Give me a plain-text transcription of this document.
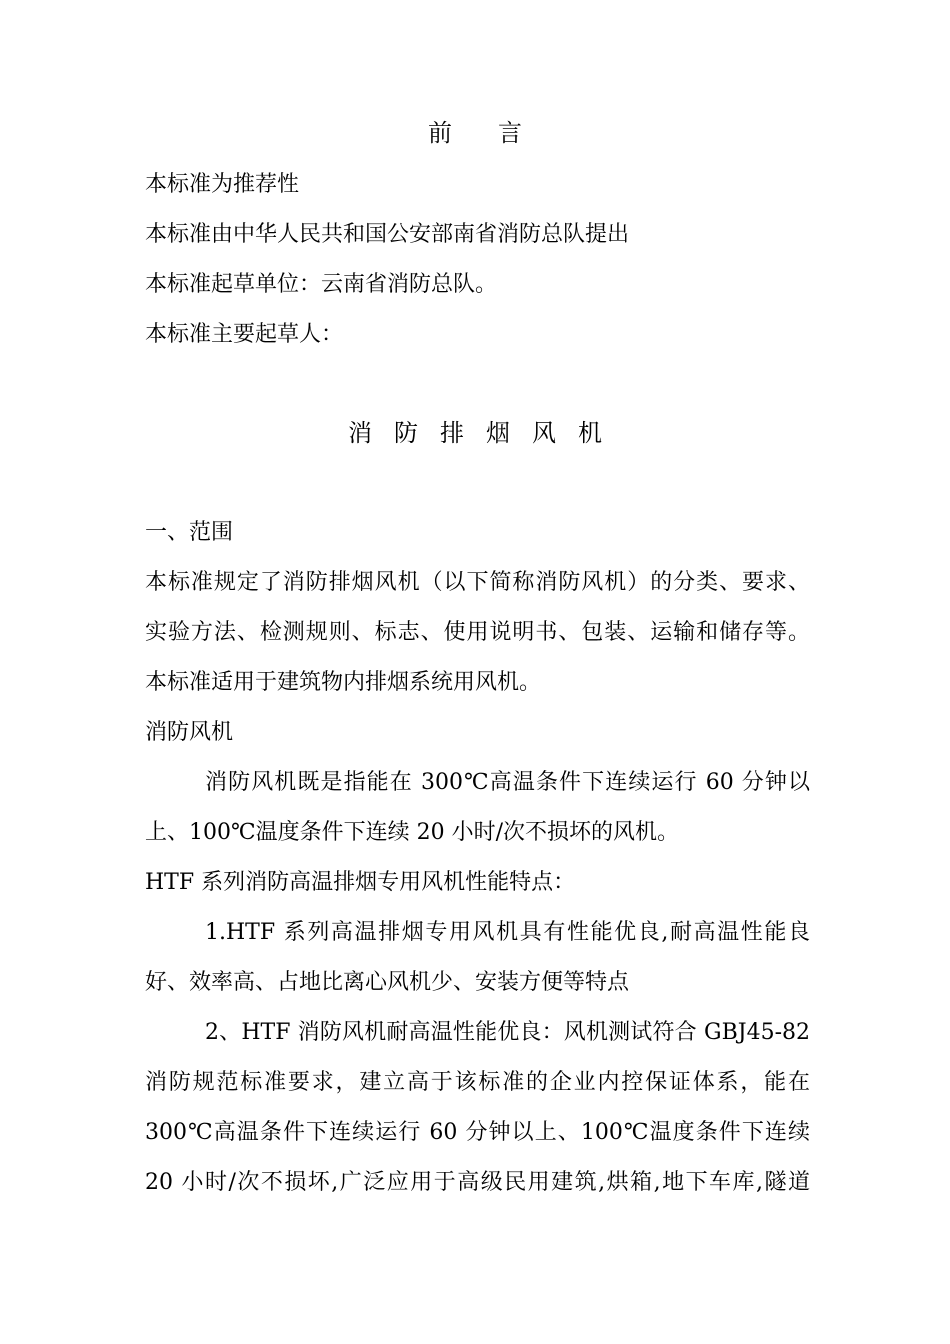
前言
本标准为推荐性
本标准由中华人民共和国公安部南省消防总队提出
本标准起草单位：云南省消防总队。
本标准主要起草人：
消防排烟风机
一、范围
本标准规定了消防排烟风机（以下简称消防风机）的分类、要求、
实验方法、检测规则、标志、使用说明书、包装、运输和储存等。
本标准适用于建筑物内排烟系统用风机。
消防风机
消防风机既是指能在 300℃高温条件下连续运行 60 分钟以
上、100℃温度条件下连续 20 小时/次不损坏的风机。
HTF 系列消防高温排烟专用风机性能特点：
1.HTF 系列高温排烟专用风机具有性能优良,耐高温性能良
好、效率高、占地比离心风机少、安装方便等特点
2、HTF 消防风机耐高温性能优良：风机测试符合 GBJ45-82
消防规范标准要求，建立高于该标准的企业内控保证体系，能在
300℃高温条件下连续运行 60 分钟以上、100℃温度条件下连续
20 小时/次不损坏,广泛应用于高级民用建筑,烘箱,地下车库,隧道
